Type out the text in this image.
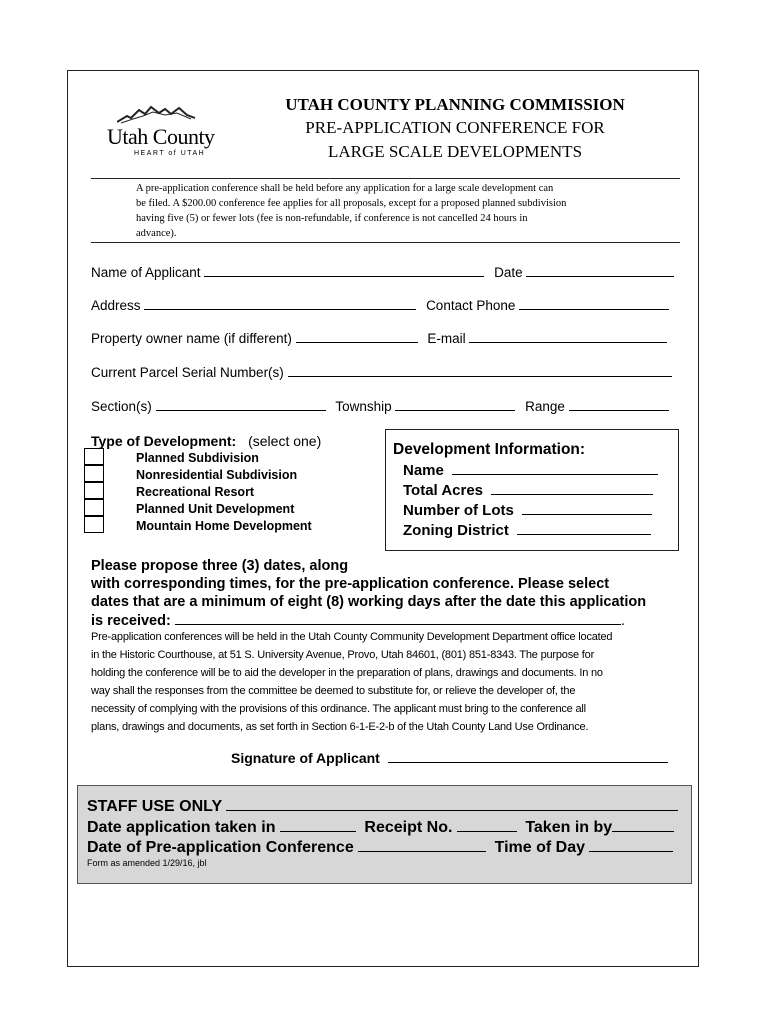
Utah County
HEART of UTAH
UTAH COUNTY PLANNING COMMISSION
PRE-APPLICATION CONFERENCE FOR
LARGE SCALE DEVELOPMENTS
A pre-application conference shall be held before any application for a large scale development can
be filed. A $200.00 conference fee applies for all proposals, except for a proposed planned subdivision
having five (5) or fewer lots (fee is non-refundable, if conference is not cancelled 24 hours in
advance).
Name of Applicant	Date
Address	Contact Phone
Property owner name (if different)	E-mail
Current Parcel Serial Number(s)
Section(s)	Township	Range
Type of Development: (select one)
Planned Subdivision
Nonresidential Subdivision
Recreational Resort
Planned Unit Development
Mountain Home Development
Development Information:
Name
Total Acres
Number of Lots
Zoning District
Please propose three (3) dates, along
with corresponding times, for the pre-application conference. Please select
dates that are a minimum of eight (8) working days after the date this application
is received:	.
Pre-application conferences will be held in the Utah County Community Development Department office located
in the Historic Courthouse, at 51 S. University Avenue, Provo, Utah 84601, (801) 851-8343. The purpose for
holding the conference will be to aid the developer in the preparation of plans, drawings and documents. In no
way shall the responses from the committee be deemed to substitute for, or relieve the developer of, the
necessity of complying with the provisions of this ordinance. The applicant must bring to the conference all
plans, drawings and documents, as set forth in Section 6-1-E-2-b of the Utah County Land Use Ordinance.
Signature of Applicant
STAFF USE ONLY
Date application taken in	Receipt No.	Taken in by
Date of Pre-application Conference	Time of Day
Form as amended 1/29/16, jbl
